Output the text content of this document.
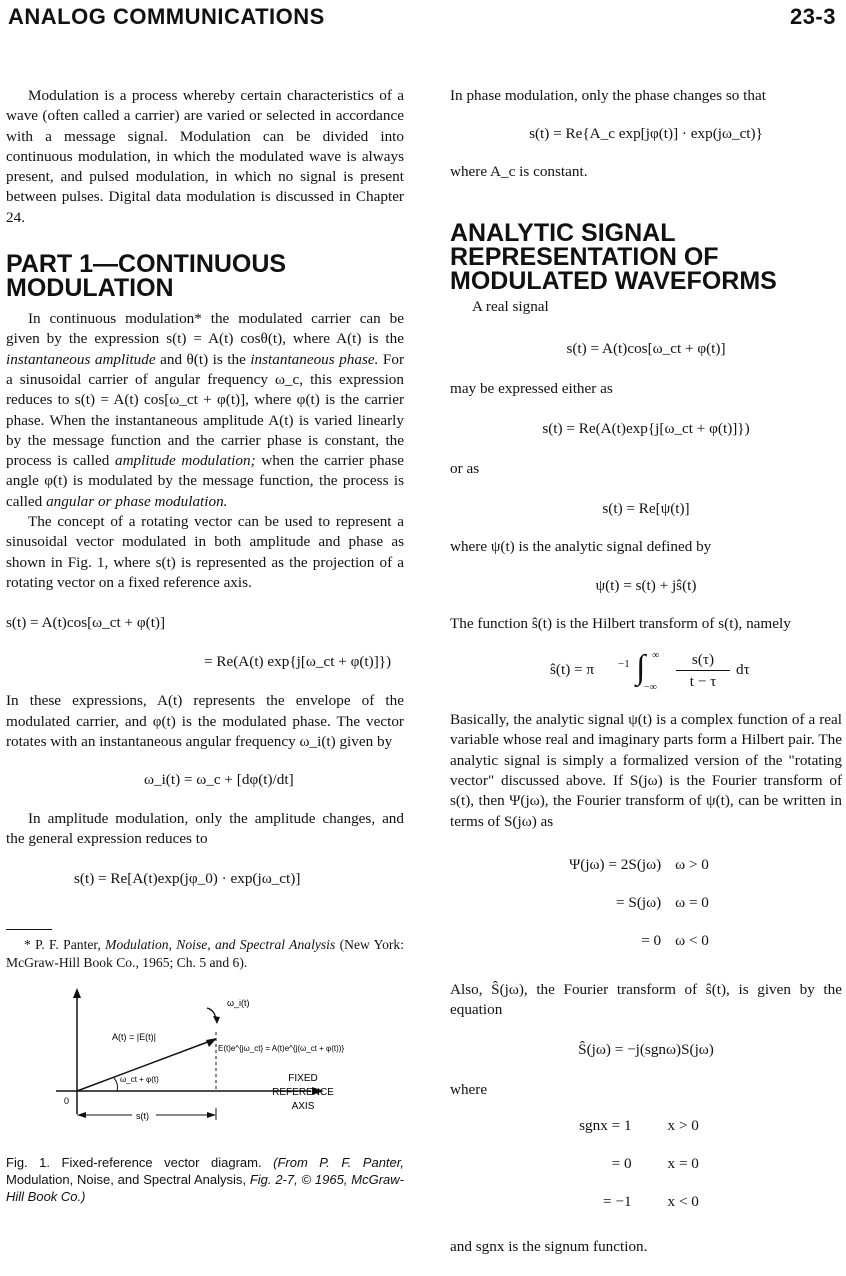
ANALOG COMMUNICATIONS	23-3

Modulation is a process whereby certain characteristics of a wave (often called a carrier) are varied or selected in accordance with a message signal. Modulation can be divided into continuous modulation, in which the modulated wave is always present, and pulsed modulation, in which no signal is present between pulses. Digital data modulation is discussed in Chapter 24.

PART 1—CONTINUOUS
MODULATION

In continuous modulation* the modulated carrier can be given by the expression s(t) = A(t) cosθ(t), where A(t) is the instantaneous amplitude and θ(t) is the instantaneous phase. For a sinusoidal carrier of angular frequency ω_c, this expression reduces to s(t) = A(t) cos[ω_ct + φ(t)], where φ(t) is the carrier phase. When the instantaneous amplitude A(t) is varied linearly by the message function and the carrier phase is constant, the process is called amplitude modulation; when the carrier phase angle φ(t) is modulated by the message function, the process is called angular or phase modulation.

The concept of a rotating vector can be used to represent a sinusoidal vector modulated in both amplitude and phase as shown in Fig. 1, where s(t) is represented as the projection of a rotating vector on a fixed reference axis.

s(t) = A(t)cos[ω_ct + φ(t)]
= Re(A(t) exp{j[ω_ct + φ(t)]})

In these expressions, A(t) represents the envelope of the modulated carrier, and φ(t) is the modulated phase. The vector rotates with an instantaneous angular frequency ω_i(t) given by

ω_i(t) = ω_c + [dφ(t)/dt]

In amplitude modulation, only the amplitude changes, and the general expression reduces to

s(t) = Re[A(t)exp(jφ_0) · exp(jω_ct)]

* P. F. Panter, Modulation, Noise, and Spectral Analysis (New York: McGraw-Hill Book Co., 1965; Ch. 5 and 6).

ω_i(t)
A(t) = |E(t)|
E(t)e^{jω_ct} = A(t)e^{j(ω_ct + φ(t))}
ω_ct + φ(t)
0
s(t)
FIXED
REFERENCE
AXIS

Fig. 1. Fixed-reference vector diagram. (From P. F. Panter, Modulation, Noise, and Spectral Analysis, Fig. 2-7, © 1965, McGraw-Hill Book Co.)

In phase modulation, only the phase changes so that

s(t) = Re{A_c exp[jφ(t)] · exp(jω_ct)}

where A_c is constant.

ANALYTIC SIGNAL
REPRESENTATION OF
MODULATED WAVEFORMS

A real signal

s(t) = A(t)cos[ω_ct + φ(t)]

may be expressed either as

s(t) = Re(A(t)exp{j[ω_ct + φ(t)]})

or as

s(t) = Re[ψ(t)]

where ψ(t) is the analytic signal defined by

ψ(t) = s(t) + jŝ(t)

The function ŝ(t) is the Hilbert transform of s(t), namely

ŝ(t) = π −1 ∫ ∞
−∞
s(τ)
t − τ
dτ

Basically, the analytic signal ψ(t) is a complex function of a real variable whose real and imaginary parts form a Hilbert pair. The analytic signal is simply a formalized version of the "rotating vector" discussed above. If S(jω) is the Fourier transform of s(t), then Ψ(jω), the Fourier transform of ψ(t), can be written in terms of S(jω) as

Ψ(jω) = 2S(jω)	ω > 0
= S(jω)	ω = 0
= 0	ω < 0

Also, Ŝ(jω), the Fourier transform of ŝ(t), is given by the equation

Ŝ(jω) = −j(sgnω)S(jω)

where

sgnx = 1	x > 0
= 0	x = 0
= −1	x < 0

and sgnx is the signum function.
